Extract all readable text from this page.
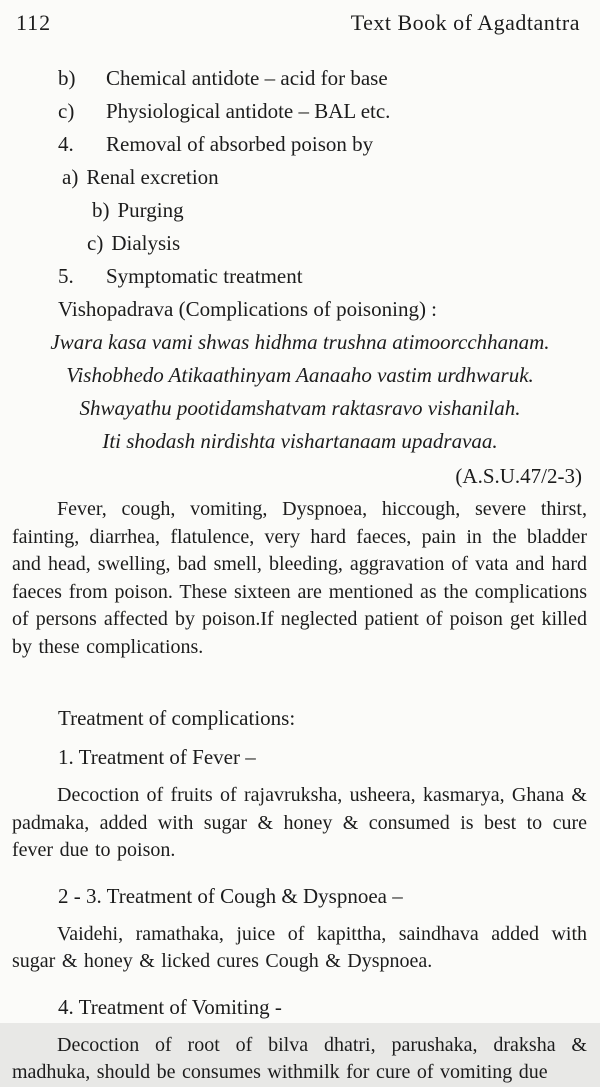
112	Text Book of Agadtantra
b)	Chemical antidote – acid for base
c)	Physiological antidote – BAL etc.
4.	Removal of absorbed poison by
a) Renal excretion
b) Purging
c) Dialysis
5.	Symptomatic treatment
Vishopadrava (Complications of poisoning) :
Jwara kasa vami shwas hidhma trushna atimoorcchhanam.
Vishobhedo Atikaathinyam Aanaaho vastim urdhwaruk.
Shwayathu pootidamshatvam raktasravo vishanilah.
Iti shodash nirdishta vishartanaam upadravaa.
(A.S.U.47/2-3)
Fever, cough, vomiting, Dyspnoea, hiccough, severe thirst, fainting, diarrhea, flatulence, very hard faeces, pain in the bladder and head, swelling, bad smell, bleeding, aggravation of vata and hard faeces from poison. These sixteen are mentioned as the complications of persons affected by poison.If neglected patient of poison get killed by these complications.
Treatment of complications:
1. Treatment of Fever –
Decoction of fruits of rajavruksha, usheera, kasmarya, Ghana & padmaka, added with sugar & honey & consumed is best to cure fever due to poison.
2 - 3. Treatment of Cough & Dyspnoea –
Vaidehi, ramathaka, juice of kapittha, saindhava added with sugar & honey & licked cures Cough & Dyspnoea.
4. Treatment of Vomiting -
Decoction of root of bilva dhatri, parushaka, draksha & madhuka, should be consumes withmilk for cure of vomiting due
